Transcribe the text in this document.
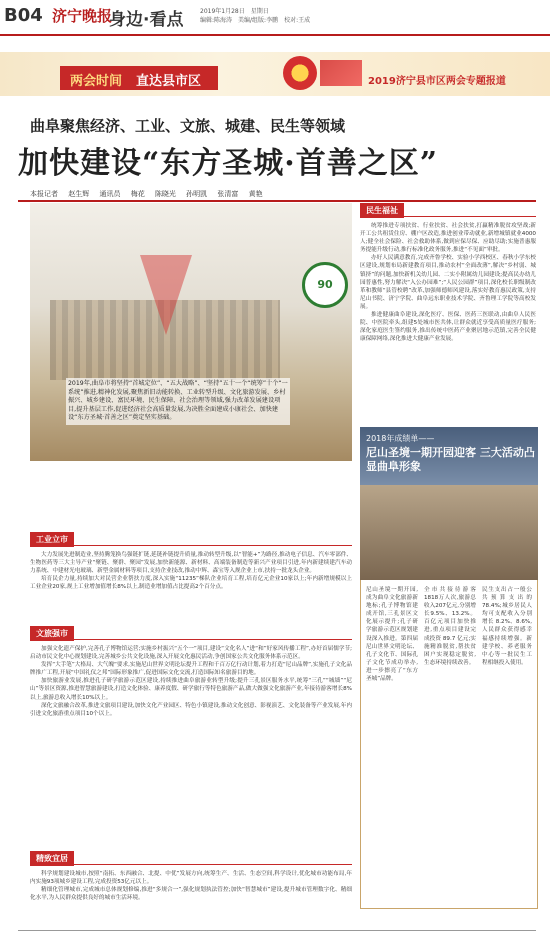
B04 济宁晚报
身边·看点	2019年1月28日　星期日
编辑:陈海涛　美编/组版:李鹏　校对:王成
两会时间 直达县市区	2019济宁县市区两会专题报道
曲阜聚焦经济、工业、文旅、城建、民生等领域
加快建设“东方圣城·首善之区”
本报记者 赵生辉 通讯员 梅花 陈晓光 孙明凯 张清富 黄艳
90
2019年,曲阜市将坚持“首城定位”、“五大战略”、“坚持”五十一个“统筹”十个“一系统”推进,精神化发展,聚焦新旧动能转换、工业转型升级、文化旅游发展、乡村振兴、城乡建设、富民环境、民生保障、社会治理等领域,强力改革发展建设项目,提升基层工作,促进经济社会高质量发展,为决胜全面建成小康社会、加快建设“东方圣城·首善之区”奠定坚实基础。
民生福祉

统筹推进专项扶贫、行业扶贫、社会扶贫,打赢精准脱贫攻坚战;新开工公共租赁住房、棚户区改造,推进创业带动就业,新增城镇就业4000人;健全社会保险、社会救助体系,做到应保尽保、应助尽助;实施普惠服务提能升级行动,推行标准化政务服务,推进“不见面”审批。

办好人民满意教育,完成齐鲁学校、实验小学西校区、春秋小学东校区建设,规划布局新建教育项目,推动农村“全面改薄”,解决“乡村弱、城镇挤”的问题,加快新机关幼儿园、二实小附属幼儿园建设;提高民办幼儿园普惠性,努力解决“入公办园难”;“人民公园群”项目,深化校长职级制改革和教师“县管校聘”改革,加强师德师风建设,落实好教育惠民政策,支持尼山书院、济宁学院、曲阜远东职业技术学院、齐鲁理工学院等高校发展。

推进健康曲阜建设,深化医疗、医保、医药三医联动,由曲阜人民医院、中医院牵头,组建5处城市医共体,让群众就近享受高质量医疗服务;深化家庭医生签约服务,推出传统中医药产业聚居地示范镇,完善全民健康保障网络,深化推进大健康产业发展。

2018年成绩单——
尼山圣境一期开园迎客 三大活动凸显曲阜形象
尼山圣境一期开园,成为曲阜文化旅游新地标;孔子博物馆建成开馆,三孔景区文化展示提升;孔子研学旅游示范区规划建设深入推进。第四届尼山世界文明论坛、孔子文化节、国际孔子文化节成功举办,进一步擦亮了“东方圣城”品牌。
全市共接待游客1818万人次,旅游总收入207亿元,分别增长9.5%、13.2%。百亿元项目加快推进,重点项目建设完成投资 89.7 亿元;实施精准脱贫,帮扶贫困户实现稳定脱贫,生态环境持续改善。
民生支出占一般公共预算支出的 78.4%;城乡居民人均可支配收入分别增长 8.2%、8.6%,人民群众获得感幸福感持续增强。新建学校、养老服务中心等一批民生工程相继投入使用。
工业立市

大力发展先进制造业,坚持腾笼换鸟强链扩链,延链补链提升质量,推动转型升级,以“智能+”为路径,推动电子信息、汽车零部件、生物医药等三大主导产业“聚链、聚群、聚园”发展,加快新能源、新材料、高端装备制造等新兴产业项目引进,年内新建续建汽车动力系统、中建材光电玻璃、新型金属材料等项目,支持企业技改,推动中辉、森宝等入规企业上市,扶持一批龙头企业。

培育民企力量,持续加大对民营企业帮扶力度,深入实施“11235”梯队企业培育工程,培育亿元企业10家以上;年内新增规模以上工业企业20家,规上工业增加值增长8%以上,制造业增加值占比提高2个百分点。

文旅强市

加强文化遗产保护,完善孔子博物馆运营;实施乡村振兴“五个一”项目,建设“文化名人”进“和”好家风传播工程”,办好首届儒学节;启动市民文化中心规划建设,完善城乡公共文化设施,深入开展文化惠民活动,争创国家公共文化服务体系示范区。

发挥“大手笔”大格局、大气魄“要求,实施尼山世界文明论坛提升工程和千百万亿行动计划,着力打造“尼山品牌”,实施孔子文化品牌推广工程,开展“中国礼仪之邦”国际形象推广,促进国际文化交流,打造国际知名旅游目的地。

加快旅游业发展,推进孔子研学旅游示范区建设,持续推进曲阜旅游业转型升级;提升三孔景区服务水平,统筹“三孔”“城墙”“尼山”等景区资源,推进智慧旅游建设,打造文化体验、康养度假、研学旅行等特色旅游产品,做大做强文化旅游产业,年接待游客增长8%以上,旅游总收入增长10%以上。

深化文旅融合改革,推进文旅项目建设,加快文化产业园区、特色小镇建设,推动文化创意、影视演艺、文化装备等产业发展,年内引进文化旅游重点项目10个以上。

精致宜居

科学规划建设城市,按照“南拓、东西融合、北提、中优”发展方向,统筹生产、生活、生态空间,科学设计,优化城市功能布局,年内实施93项城乡建设工程,完成投资53亿元以上。

精细化管理城市,完成城市总体规划修编,推进“多规合一”,强化规划执法管控;加快“智慧城市”建设,提升城市管理数字化、精细化水平,为人民群众提供良好的城市生活环境。
